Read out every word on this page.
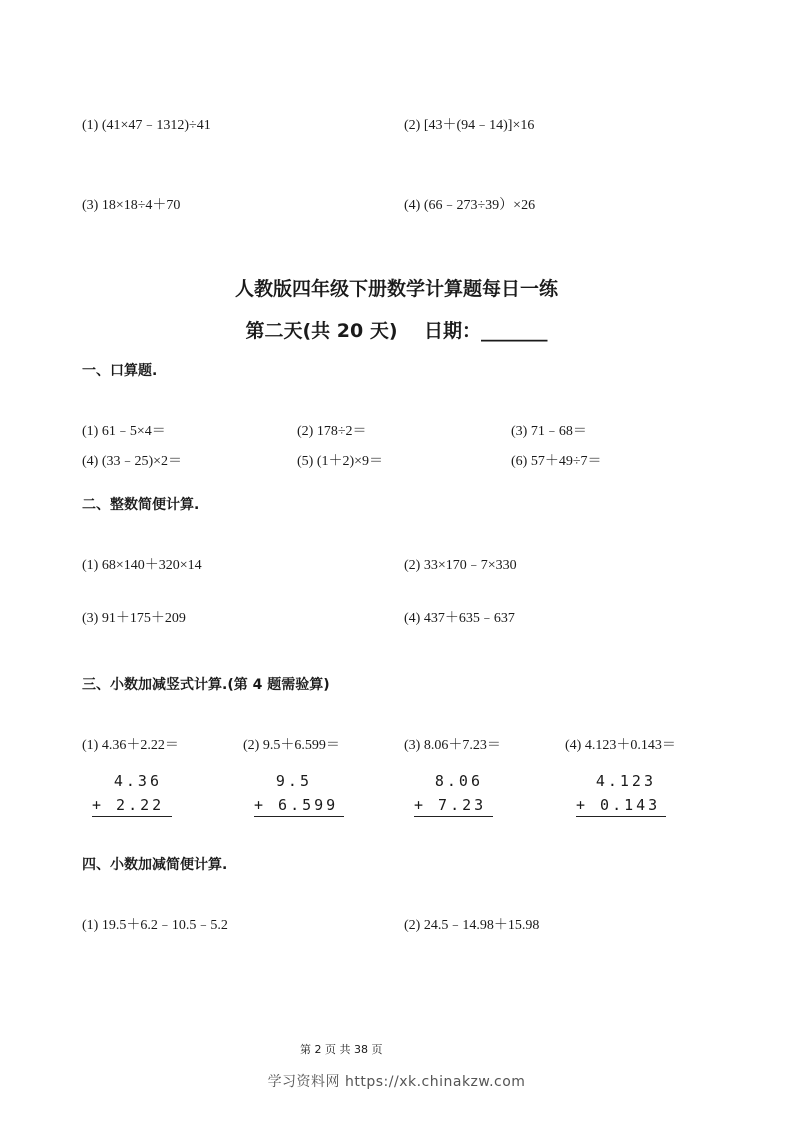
(1) (41×47﹣1312)÷41	(2) [43＋(94﹣14)]×16
(3) 18×18÷4＋70	(4) (66﹣273÷39）×26
人教版四年级下册数学计算题每日一练
第二天(共 20 天)    日期：_______
一、口算题.
(1) 61﹣5×4＝	(2) 178÷2＝	(3) 71﹣68＝
(4) (33﹣25)×2＝	(5) (1＋2)×9＝	(6) 57＋49÷7＝
二、整数简便计算.
(1) 68×140＋320×14	(2) 33×170﹣7×330
(3) 91＋175＋209	(4) 437＋635﹣637
三、小数加减竖式计算.(第 4 题需验算)
(1) 4.36＋2.22＝	(2) 9.5＋6.599＝	(3) 8.06＋7.23＝	(4) 4.123＋0.143＝
4.36
+ 2.22
9.5
+ 6.599
8.06
+ 7.23
4.123
+ 0.143
四、小数加减简便计算.
(1) 19.5＋6.2﹣10.5﹣5.2	(2) 24.5﹣14.98＋15.98
第 2 页 共 38 页
学习资料网 https://xk.chinakzw.com
